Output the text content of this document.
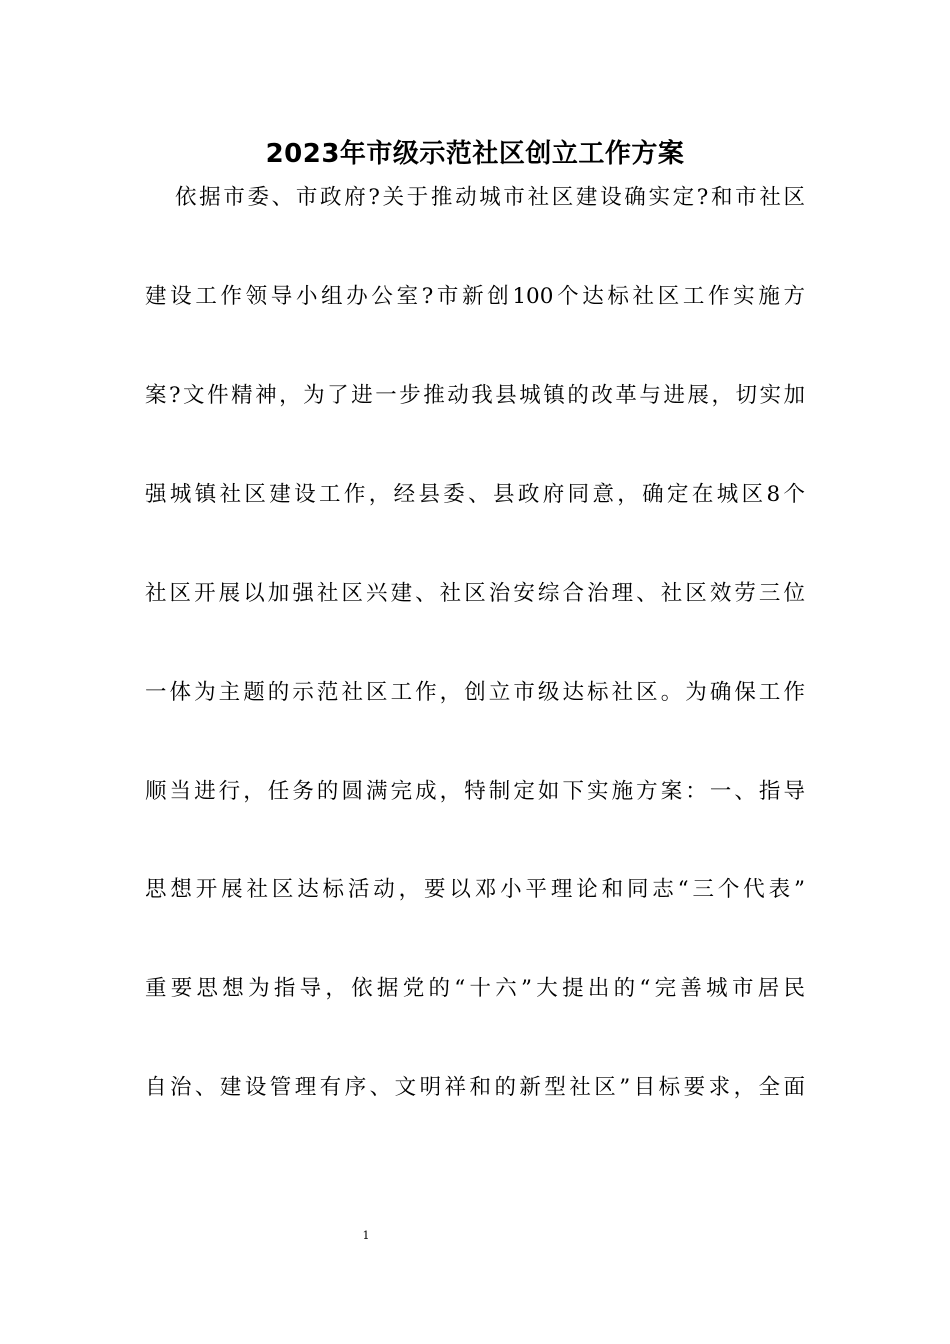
2023年市级示范社区创立工作方案
依据市委、市政府?关于推动城市社区建设确实定?和市社区
建设工作领导小组办公室?市新创100个达标社区工作实施方
案?文件精神，为了进一步推动我县城镇的改革与进展，切实加
强城镇社区建设工作，经县委、县政府同意，确定在城区8个
社区开展以加强社区兴建、社区治安综合治理、社区效劳三位
一体为主题的示范社区工作，创立市级达标社区。为确保工作
顺当进行，任务的圆满完成，特制定如下实施方案：一、指导
思想开展社区达标活动，要以邓小平理论和同志“三个代表”
重要思想为指导，依据党的“十六”大提出的“完善城市居民
自治、建设管理有序、文明祥和的新型社区”目标要求，全面
1
